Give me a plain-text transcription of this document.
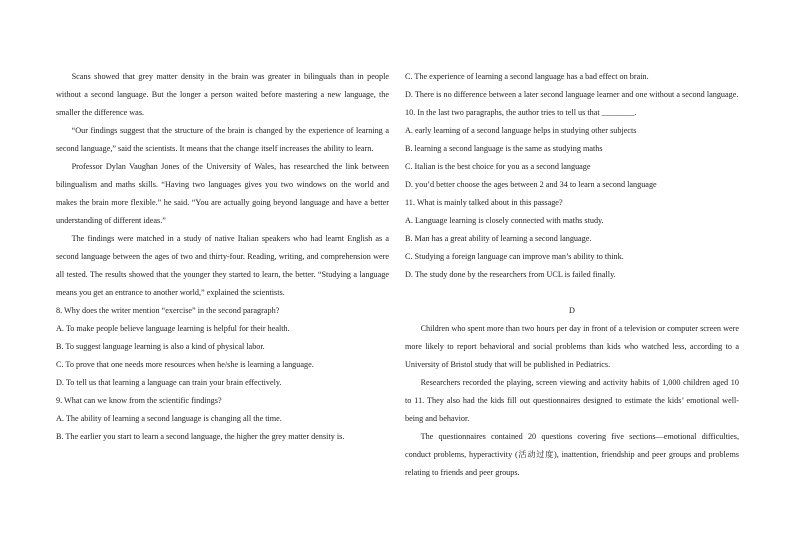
Scans showed that grey matter density in the brain was greater in bilinguals than in people without a second language. But the longer a person waited before mastering a new language, the smaller the difference was.

“Our findings suggest that the structure of the brain is changed by the experience of learning a second language,” said the scientists. It means that the change itself increases the ability to learn.

Professor Dylan Vaughan Jones of the University of Wales, has researched the link between bilingualism and maths skills. “Having two languages gives you two windows on the world and makes the brain more flexible.” he said. “You are actually going beyond language and have a better understanding of different ideas.”

The findings were matched in a study of native Italian speakers who had learnt English as a second language between the ages of two and thirty-four. Reading, writing, and comprehension were all tested. The results showed that the younger they started to learn, the better. “Studying a language means you get an entrance to another world,” explained the scientists.

8. Why does the writer mention “exercise” in the second paragraph?

A. To make people believe language learning is helpful for their health.

B. To suggest language learning is also a kind of physical labor.

C. To prove that one needs more resources when he/she is learning a language.

D. To tell us that learning a language can train your brain effectively.

9. What can we know from the scientific findings?

A. The ability of learning a second language is changing all the time.

B. The earlier you start to learn a second language, the higher the grey matter density is.

C. The experience of learning a second language has a bad effect on brain.

D. There is no difference between a later second language learner and one without a second language.

10. In the last two paragraphs, the author tries to tell us that ________.

A. early learning of a second language helps in studying other subjects

B. learning a second language is the same as studying maths

C. Italian is the best choice for you as a second language

D. you’d better choose the ages between 2 and 34 to learn a second language

11. What is mainly talked about in this passage?

A. Language learning is closely connected with maths study.

B. Man has a great ability of learning a second language.

C. Studying a foreign language can improve man’s ability to think.

D. The study done by the researchers from UCL is failed finally.

D

Children who spent more than two hours per day in front of a television or computer screen were more likely to report behavioral and social problems than kids who watched less, according to a University of Bristol study that will be published in Pediatrics.

Researchers recorded the playing, screen viewing and activity habits of 1,000 children aged 10 to 11. They also had the kids fill out questionnaires designed to estimate the kids’ emotional well-being and behavior.

The questionnaires contained 20 questions covering five sections—emotional difficulties, conduct problems, hyperactivity (活动过度), inattention, friendship and peer groups and problems relating to friends and peer groups.
